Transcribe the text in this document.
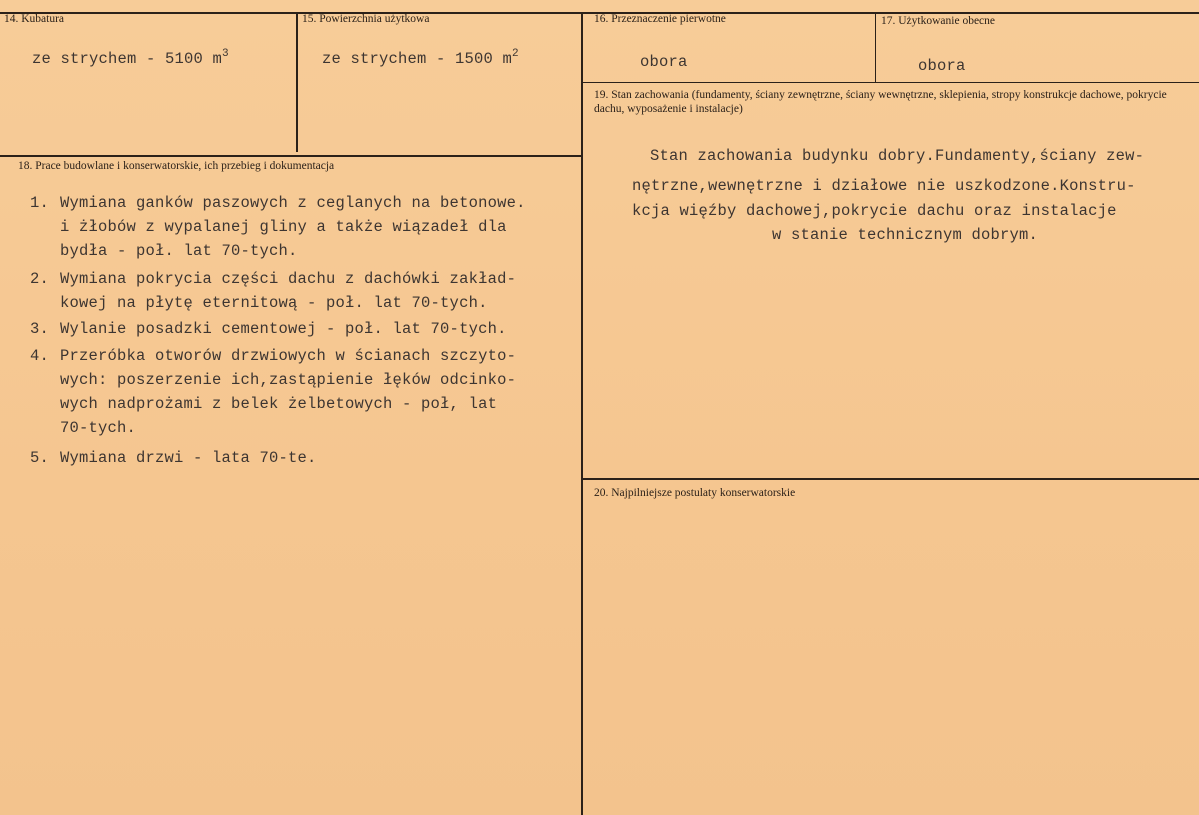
14. Kubatura
ze strychem - 5100 $m^3$
15. Powierzchnia użytkowa
ze strychem - 1500 $m^2$
16. Przeznaczenie pierwotne
obora
17. Użytkowanie obecne
obora
18. Prace budowlane i konserwatorskie, ich przebieg i dokumentacja
1. Wymiana ganków paszowych z ceglanych na betonowe.
i żłobów z wypalanej gliny a także wiązadeł dla
bydła - poł. lat 70-tych.
2. Wymiana pokrycia części dachu z dachówki zakład-
kowej na płytę eternitową - poł. lat 70-tych.
3. Wylanie posadzki cementowej - poł. lat 70-tych.
4. Przeróbka otworów drzwiowych w ścianach szczyto-
wych: poszerzenie ich,zastąpienie łęków odcinko-
wych nadprożami z belek żelbetowych - poł, lat
70-tych.
5. Wymiana drzwi - lata 70-te.
19. Stan zachowania (fundamenty, ściany zewnętrzne, ściany wewnętrzne, sklepienia, stropy konstrukcje dachowe, pokrycie dachu, wyposażenie i instalacje)
Stan zachowania budynku dobry.Fundamenty,ściany zew-
nętrzne,wewnętrzne i działowe nie uszkodzone.Konstru-
kcja więźby dachowej,pokrycie dachu oraz instalacje
w stanie technicznym dobrym.
20. Najpilniejsze postulaty konserwatorskie
